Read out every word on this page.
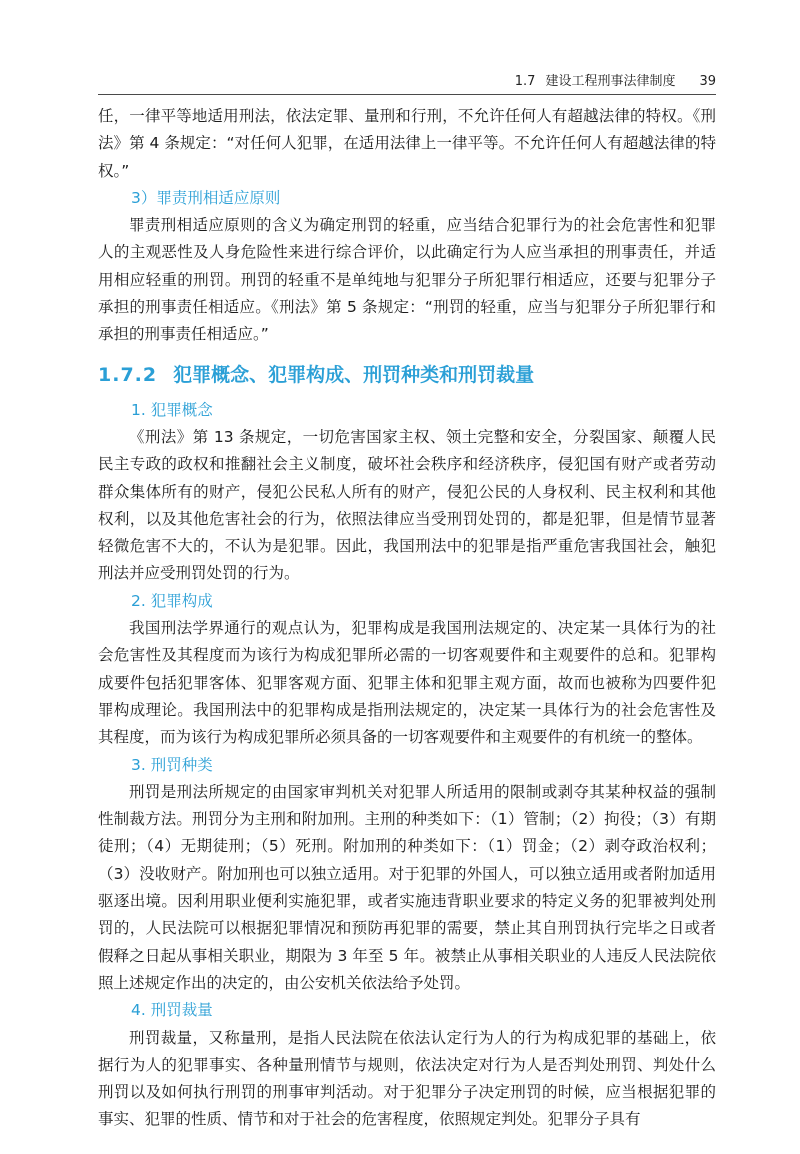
1.7 建设工程刑事法律制度 39

任，一律平等地适用刑法，依法定罪、量刑和行刑，不允许任何人有超越法律的特权。《刑法》第 4 条规定：“对任何人犯罪，在适用法律上一律平等。不允许任何人有超越法律的特权。”

3）罪责刑相适应原则

罪责刑相适应原则的含义为确定刑罚的轻重，应当结合犯罪行为的社会危害性和犯罪人的主观恶性及人身危险性来进行综合评价，以此确定行为人应当承担的刑事责任，并适用相应轻重的刑罚。刑罚的轻重不是单纯地与犯罪分子所犯罪行相适应，还要与犯罪分子承担的刑事责任相适应。《刑法》第 5 条规定：“刑罚的轻重，应当与犯罪分子所犯罪行和承担的刑事责任相适应。”

1.7.2 犯罪概念、犯罪构成、刑罚种类和刑罚裁量

1. 犯罪概念

《刑法》第 13 条规定，一切危害国家主权、领土完整和安全，分裂国家、颠覆人民民主专政的政权和推翻社会主义制度，破坏社会秩序和经济秩序，侵犯国有财产或者劳动群众集体所有的财产，侵犯公民私人所有的财产，侵犯公民的人身权利、民主权利和其他权利，以及其他危害社会的行为，依照法律应当受刑罚处罚的，都是犯罪，但是情节显著轻微危害不大的，不认为是犯罪。因此，我国刑法中的犯罪是指严重危害我国社会，触犯刑法并应受刑罚处罚的行为。

2. 犯罪构成

我国刑法学界通行的观点认为，犯罪构成是我国刑法规定的、决定某一具体行为的社会危害性及其程度而为该行为构成犯罪所必需的一切客观要件和主观要件的总和。犯罪构成要件包括犯罪客体、犯罪客观方面、犯罪主体和犯罪主观方面，故而也被称为四要件犯罪构成理论。我国刑法中的犯罪构成是指刑法规定的，决定某一具体行为的社会危害性及其程度，而为该行为构成犯罪所必须具备的一切客观要件和主观要件的有机统一的整体。

3. 刑罚种类

刑罚是刑法所规定的由国家审判机关对犯罪人所适用的限制或剥夺其某种权益的强制性制裁方法。刑罚分为主刑和附加刑。主刑的种类如下：（1）管制；（2）拘役；（3）有期徒刑；（4）无期徒刑；（5）死刑。附加刑的种类如下：（1）罚金；（2）剥夺政治权利；（3）没收财产。附加刑也可以独立适用。对于犯罪的外国人，可以独立适用或者附加适用驱逐出境。因利用职业便利实施犯罪，或者实施违背职业要求的特定义务的犯罪被判处刑罚的，人民法院可以根据犯罪情况和预防再犯罪的需要，禁止其自刑罚执行完毕之日或者假释之日起从事相关职业，期限为 3 年至 5 年。被禁止从事相关职业的人违反人民法院依照上述规定作出的决定的，由公安机关依法给予处罚。

4. 刑罚裁量

刑罚裁量，又称量刑，是指人民法院在依法认定行为人的行为构成犯罪的基础上，依据行为人的犯罪事实、各种量刑情节与规则，依法决定对行为人是否判处刑罚、判处什么刑罚以及如何执行刑罚的刑事审判活动。对于犯罪分子决定刑罚的时候，应当根据犯罪的事实、犯罪的性质、情节和对于社会的危害程度，依照规定判处。犯罪分子具有
